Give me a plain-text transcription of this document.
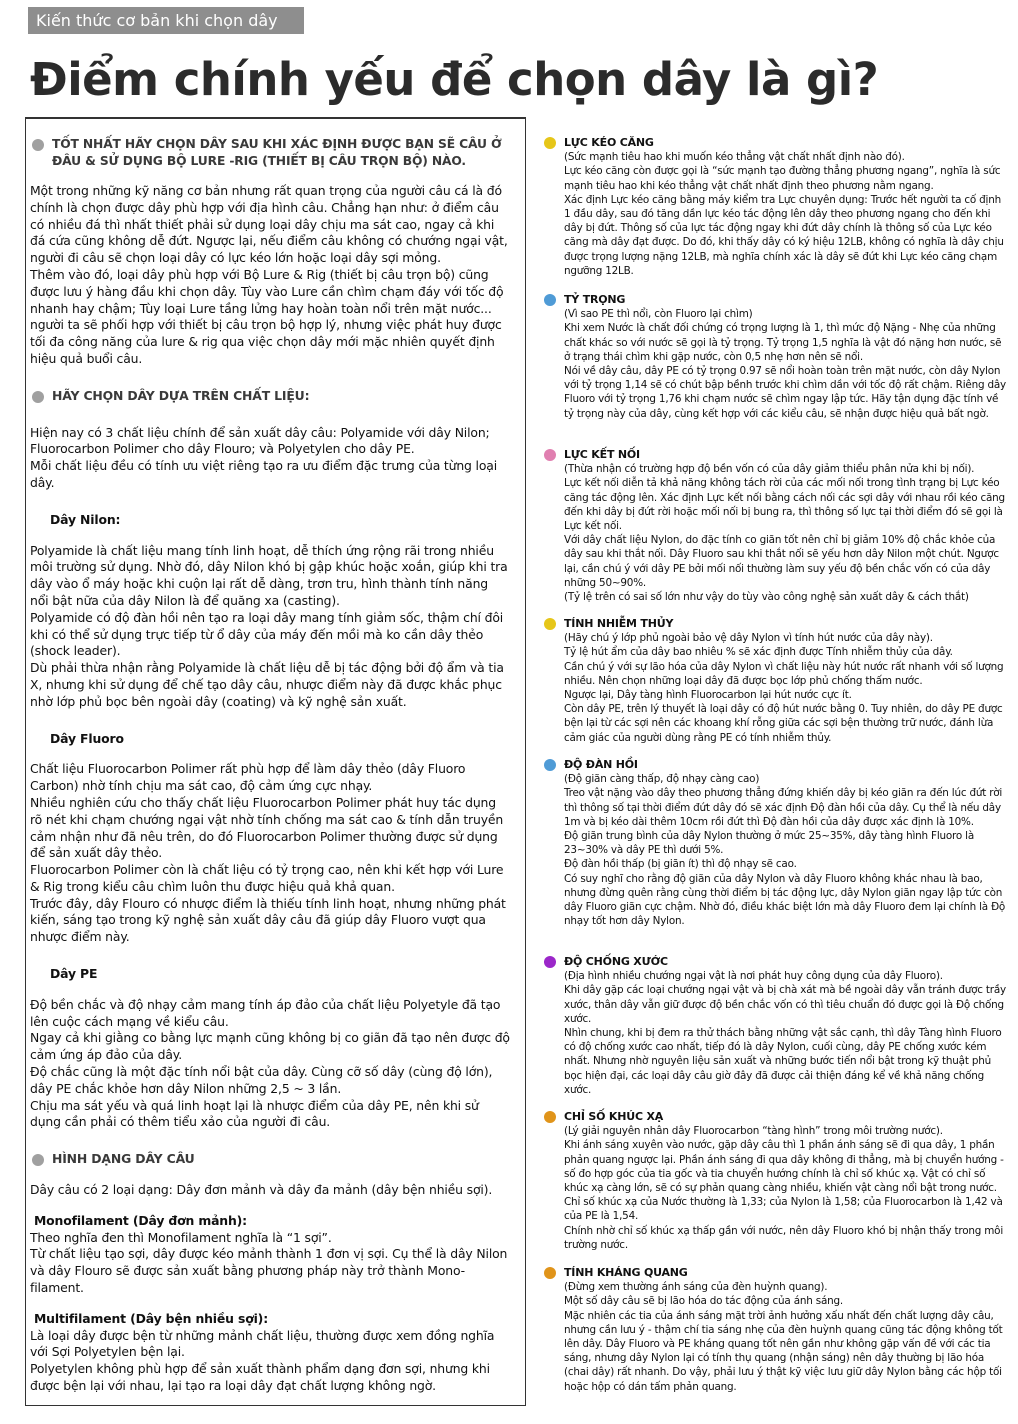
Kiến thức cơ bản khi chọn dây
Điểm chính yếu để chọn dây là gì?

TỐT NHẤT HÃY CHỌN DÂY SAU KHI XÁC ĐỊNH ĐƯỢC BẠN SẼ CÂU Ở ĐÂU & SỬ DỤNG BỘ LURE -RIG (THIẾT BỊ CÂU TRỌN BỘ) NÀO.

Một trong những kỹ năng cơ bản nhưng rất quan trọng của người câu cá là đó chính là chọn được dây phù hợp với địa hình câu. Chẳng hạn như: ở điểm câu có nhiều đá thì nhất thiết phải sử dụng loại dây chịu ma sát cao, ngay cả khi đá cứa cũng không dễ đứt. Ngược lại, nếu điểm câu không có chướng ngại vật, người đi câu sẽ chọn loại dây có lực kéo lớn hoặc loại dây sợi mỏng.

Thêm vào đó, loại dây phù hợp với Bộ Lure & Rig (thiết bị câu trọn bộ) cũng được lưu ý hàng đầu khi chọn dây. Tùy vào Lure cần chìm chạm đáy với tốc độ nhanh hay chậm; Tùy loại Lure tầng lửng hay hoàn toàn nổi trên mặt nước... người ta sẽ phối hợp với thiết bị câu trọn bộ hợp lý, nhưng việc phát huy được tối đa công năng của lure & rig qua việc chọn dây mới mặc nhiên quyết định hiệu quả buổi câu.

HÃY CHỌN DÂY DỰA TRÊN CHẤT LIỆU:

Hiện nay có 3 chất liệu chính để sản xuất dây câu: Polyamide với dây Nilon; Fluorocarbon Polimer cho dây Flouro; và Polyetylen cho dây PE.

Mỗi chất liệu đều có tính ưu việt riêng tạo ra ưu điểm đặc trưng của từng loại dây.

Dây Nilon:

Polyamide là chất liệu mang tính linh hoạt, dễ thích ứng rộng rãi trong nhiều môi trường sử dụng. Nhờ đó, dây Nilon khó bị gập khúc hoặc xoắn, giúp khi tra dây vào ổ máy hoặc khi cuộn lại rất dễ dàng, trơn tru, hình thành tính năng nổi bật nữa của dây Nilon là để quăng xa (casting).

Polyamide có độ đàn hồi nên tạo ra loại dây mang tính giảm sốc, thậm chí đôi khi có thể sử dụng trực tiếp từ ổ dây của máy đến mồi mà ko cần dây thẻo (shock leader).

Dù phải thừa nhận rằng Polyamide là chất liệu dễ bị tác động bởi độ ẩm và tia X, nhưng khi sử dụng để chế tạo dây câu, nhược điểm này đã được khắc phục nhờ lớp phủ bọc bên ngoài dây (coating) và kỹ nghệ sản xuất.

Dây Fluoro

Chất liệu Fluorocarbon Polimer rất phù hợp để làm dây thẻo (dây Fluoro Carbon) nhờ tính chịu ma sát cao, độ cảm ứng cực nhạy.

Nhiều nghiên cứu cho thấy chất liệu Fluorocarbon Polimer phát huy tác dụng rõ nét khi chạm chướng ngại vật nhờ tính chống ma sát cao & tính dẫn truyền cảm nhận như đã nêu trên, do đó Fluorocarbon Polimer thường được sử dụng để sản xuất dây thẻo.

Fluorocarbon Polimer còn là chất liệu có tỷ trọng cao, nên khi kết hợp với Lure & Rig trong kiểu câu chìm luôn thu được hiệu quả khả quan.

Trước đây, dây Flouro có nhược điểm là thiếu tính linh hoạt, nhưng những phát kiến, sáng tạo trong kỹ nghệ sản xuất dây câu đã giúp dây Fluoro vượt qua nhược điểm này.

Dây PE

Độ bền chắc và độ nhạy cảm mang tính áp đảo của chất liệu Polyetyle đã tạo lên cuộc cách mạng về kiểu câu.

Ngay cả khi giằng co bằng lực mạnh cũng không bị co giãn đã tạo nên được độ cảm ứng áp đảo của dây.

Độ chắc cũng là một đặc tính nổi bật của dây. Cùng cỡ số dây (cùng độ lớn), dây PE chắc khỏe hơn dây Nilon những 2,5 ~ 3 lần.

Chịu ma sát yếu và quá linh hoạt lại là nhược điểm của dây PE, nên khi sử dụng cần phải có thêm tiểu xảo của người đi câu.

HÌNH DẠNG DÂY CÂU

Dây câu có 2 loại dạng: Dây đơn mảnh và dây đa mảnh (dây bện nhiều sợi).

Monofilament (Dây đơn mảnh):

Theo nghĩa đen thì Monofilament nghĩa là “1 sợi”.

Từ chất liệu tạo sợi, dây được kéo mảnh thành 1 đơn vị sợi. Cụ thể là dây Nilon và dây Flouro sẽ được sản xuất bằng phương pháp này trở thành Mono-filament.

Multifilament (Dây bện nhiều sợi):

Là loại dây được bện từ những mảnh chất liệu, thường được xem đồng nghĩa với Sợi Polyetylen bện lại.

Polyetylen không phù hợp để sản xuất thành phẩm dạng đơn sợi, nhưng khi được bện lại với nhau, lại tạo ra loại dây đạt chất lượng không ngờ.

LỰC KÉO CĂNG

(Sức mạnh tiêu hao khi muốn kéo thẳng vật chất nhất định nào đó).

Lực kéo căng còn được gọi là “sức mạnh tạo đường thẳng phương ngang”, nghĩa là sức mạnh tiêu hao khi kéo thẳng vật chất nhất định theo phương nằm ngang.
Xác định Lực kéo căng bằng máy kiểm tra Lực chuyên dụng: Trước hết người ta cố định 1 đầu dây, sau đó tăng dần lực kéo tác động lên dây theo phương ngang cho đến khi dây bị đứt. Thông số của lực tác động ngay khi đứt dây chính là thông số của Lực kéo căng mà dây đạt được. Do đó, khi thấy dây có ký hiệu 12LB, không có nghĩa là dây chịu được trọng lượng nặng 12LB, mà nghĩa chính xác là dây sẽ đứt khi Lực kéo căng chạm ngưỡng 12LB.

TỶ TRỌNG

(Vì sao PE thì nổi, còn Fluoro lại chìm)

Khi xem Nước là chất đối chứng có trọng lượng là 1, thì mức độ Nặng - Nhẹ của những chất khác so với nước sẽ gọi là tỷ trọng. Tỷ trọng 1,5 nghĩa là vật đó nặng hơn nước, sẽ ở trạng thái chìm khi gặp nước, còn 0,5 nhẹ hơn nên sẽ nổi.
Nói về dây câu, dây PE có tỷ trọng 0.97 sẽ nổi hoàn toàn trên mặt nước, còn dây Nylon với tỷ trọng 1,14 sẽ có chút bập bềnh trước khi chìm dần với tốc độ rất chậm. Riêng dây Fluoro với tỷ trọng 1,76 khi chạm nước sẽ chìm ngay lập tức. Hãy tận dụng đặc tính về tỷ trọng này của dây, cùng kết hợp với các kiểu câu, sẽ nhận được hiệu quả bất ngờ.

LỰC KẾT NỐI

(Thừa nhận có trường hợp độ bền vốn có của dây giảm thiểu phân nửa khi bị nối).

Lực kết nối diễn tả khả năng không tách rời của các mối nối trong tình trạng bị Lực kéo căng tác động lên. Xác định Lực kết nối bằng cách nối các sợi dây với nhau rồi kéo căng đến khi dây bị đứt rời hoặc mối nối bị bung ra, thì thông số lực tại thời điểm đó sẽ gọi là Lực kết nối.
Với dây chất liệu Nylon, do đặc tính co giãn tốt nên chỉ bị giảm 10% độ chắc khỏe của dây sau khi thắt nối. Dây Fluoro sau khi thắt nối sẽ yếu hơn dây Nilon một chút. Ngược lại, cần chú ý với dây PE bởi mối nối thường làm suy yếu độ bền chắc vốn có của dây những 50~90%.
(Tỷ lệ trên có sai số lớn như vậy do tùy vào công nghệ sản xuất dây & cách thắt)

TÍNH NHIỄM THỦY

(Hãy chú ý lớp phủ ngoài bảo vệ dây Nylon vì tính hút nước của dây này).

Tỷ lệ hút ẩm của dây bao nhiêu % sẽ xác định được Tính nhiễm thủy của dây.
Cần chú ý với sự lão hóa của dây Nylon vì chất liệu này hút nước rất nhanh với số lượng nhiều. Nên chọn những loại dây đã được bọc lớp phủ chống thấm nước.
Ngược lại, Dây tàng hình Fluorocarbon lại hút nước cực ít.
Còn dây PE, trên lý thuyết là loại dây có độ hút nước bằng 0. Tuy nhiên, do dây PE được bện lại từ các sợi nên các khoang khí rỗng giữa các sợi bện thường trữ nước, đánh lừa cảm giác của người dùng rằng PE có tính nhiễm thủy.

ĐỘ ĐÀN HỒI

(Độ giãn càng thấp, độ nhạy càng cao)

Treo vật nặng vào dây theo phương thẳng đứng khiến dây bị kéo giãn ra đến lúc đứt rời thì thông số tại thời điểm đứt dây đó sẽ xác định Độ đàn hồi của dây. Cụ thể là nếu dây 1m và bị kéo dài thêm 10cm rồi đứt thì Độ đàn hồi của dây được xác định là 10%.
Độ giãn trung bình của dây Nylon thường ở mức 25~35%, dây tàng hình Fluoro là 23~30% và dây PE thì dưới 5%.
Độ đàn hồi thấp (bị giãn ít) thì độ nhạy sẽ cao.
Có suy nghĩ cho rằng độ giãn của dây Nylon và dây Fluoro không khác nhau là bao, nhưng đừng quên rằng cùng thời điểm bị tác động lực, dây Nylon giãn ngay lập tức còn dây Fluoro giãn cực chậm. Nhờ đó, điều khác biệt lớn mà dây Fluoro đem lại chính là Độ nhạy tốt hơn dây Nylon.

ĐỘ CHỐNG XƯỚC

(Địa hình nhiều chướng ngại vật là nơi phát huy công dụng của dây Fluoro).

Khi dây gặp các loại chướng ngại vật và bị chà xát mà bề ngoài dây vẫn tránh được trầy xước, thân dây vẫn giữ được độ bền chắc vốn có thì tiêu chuẩn đó được gọi là Độ chống xước.
Nhìn chung, khi bị đem ra thử thách bằng những vật sắc cạnh, thì dây Tàng hình Fluoro có độ chống xước cao nhất, tiếp đó là dây Nylon, cuối cùng, dây PE chống xước kém nhất. Nhưng nhờ nguyên liệu sản xuất và những bước tiến nổi bật trong kỹ thuật phủ bọc hiện đại, các loại dây câu giờ đây đã được cải thiện đáng kể về khả năng chống xước.

CHỈ SỐ KHÚC XẠ

(Lý giải nguyên nhân dây Fluorocarbon “tàng hình” trong môi trường nước).

Khi ánh sáng xuyên vào nước, gặp dây câu thì 1 phần ánh sáng sẽ đi qua dây, 1 phần phản quang ngược lại. Phần ánh sáng đi qua dây không đi thẳng, mà bị chuyển hướng - số đo hợp góc của tia gốc và tia chuyển hướng chính là chỉ số khúc xạ. Vật có chỉ số khúc xạ càng lớn, sẽ có sự phản quang càng nhiều, khiến vật càng nổi bật trong nước.
Chỉ số khúc xạ của Nước thường là 1,33; của Nylon là 1,58; của Fluorocarbon là 1,42 và của PE là 1,54.
Chính nhờ chỉ số khúc xạ thấp gần với nước, nên dây Fluoro khó bị nhận thấy trong môi trường nước.

TÍNH KHÁNG QUANG

(Đừng xem thường ánh sáng của đèn huỳnh quang).

Một số dây câu sẽ bị lão hóa do tác động của ánh sáng.
Mặc nhiên các tia của ánh sáng mặt trời ảnh hưởng xấu nhất đến chất lượng dây câu, nhưng cần lưu ý - thậm chí tia sáng nhẹ của đèn huỳnh quang cũng tác động không tốt lên dây. Dây Fluoro và PE kháng quang tốt nên gần như không gặp vấn đề với các tia sáng, nhưng dây Nylon lại có tính thụ quang (nhận sáng) nên dây thường bị lão hóa (chai dây) rất nhanh. Do vậy, phải lưu ý thật kỹ việc lưu giữ dây Nylon bằng các hộp tối hoặc hộp có dán tấm phản quang.
